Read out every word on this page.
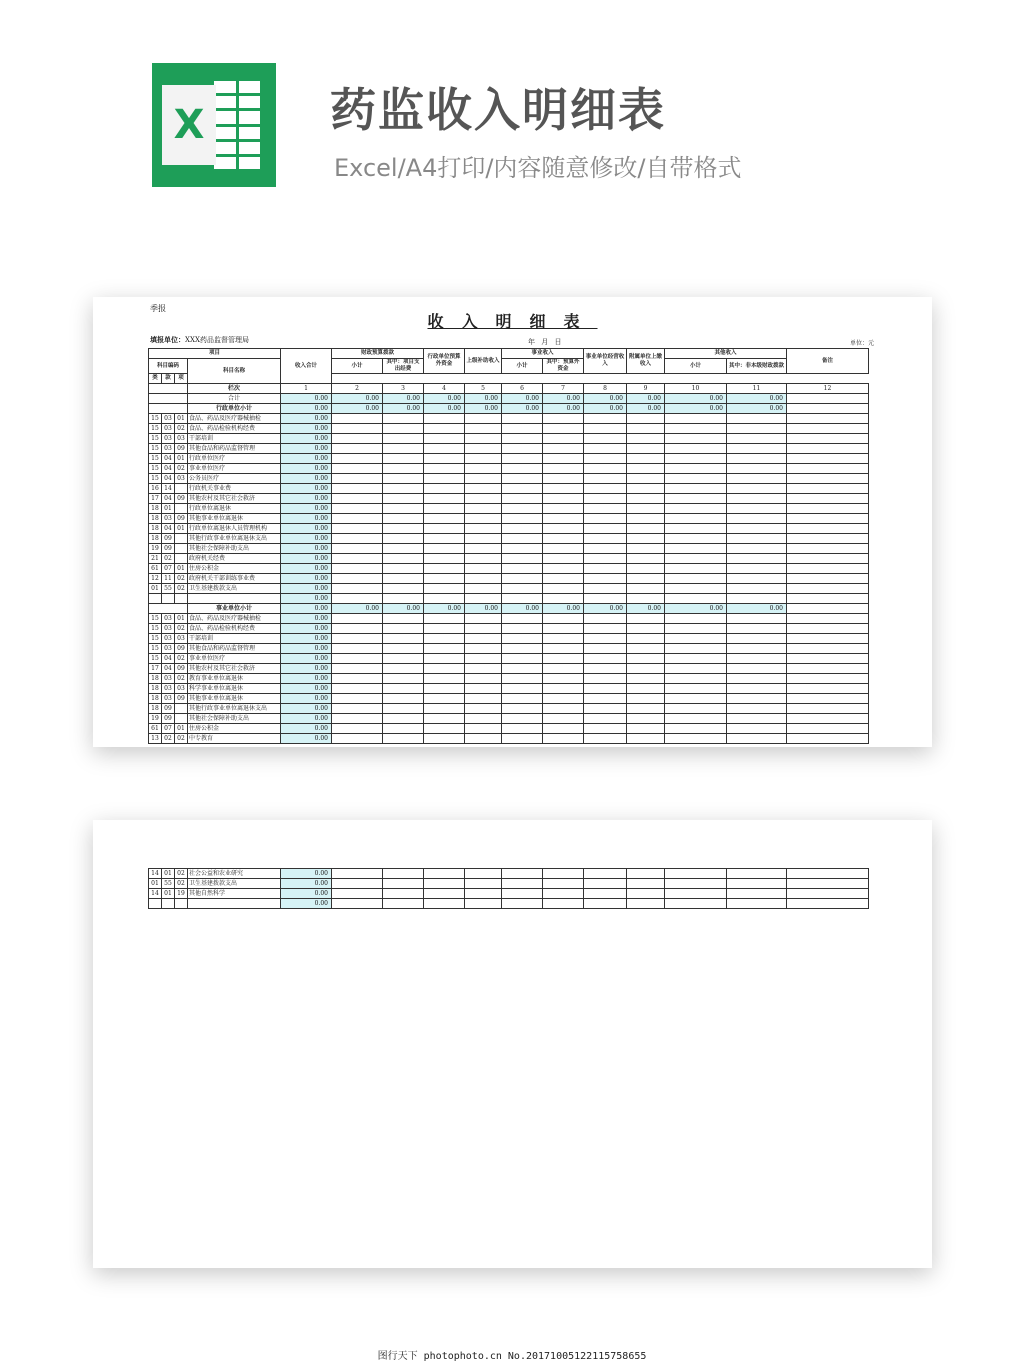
X	药监收入明细表
Excel/A4打印/内容随意修改/自带格式
季报
收入明细表
填报单位：XXX药品监督管理局	年 月 日	单位：元
项目				收入合计	财政预算拨款		行政单位预算外资金	上级补助收入	事业收入		事业单位经营收入	附属单位上缴收入	其他收入		备注
科目编码			科目名称		小计	其中：项目支出经费			小计	其中：预算外资金			小计	其中：非本级财政拨款	
类	款	项													
			栏次	1	2	3	4	5	6	7	8	9	10	11	12
			合计	0.00	0.00	0.00	0.00	0.00	0.00	0.00	0.00	0.00	0.00	0.00	
			行政单位小计	0.00	0.00	0.00	0.00	0.00	0.00	0.00	0.00	0.00	0.00	0.00	
15	03	01	食品、药品及医疗器械抽检	0.00											
15	03	02	食品、药品检验机构经费	0.00											
15	03	03	干部培训	0.00											
15	03	09	其他食品和药品监督管理	0.00											
15	04	01	行政单位医疗	0.00											
15	04	02	事业单位医疗	0.00											
15	04	03	公务员医疗	0.00											
16	14		行政机关事业费	0.00											
17	04	09	其他农村及其它社会救济	0.00											
18	01		行政单位离退休	0.00											
18	03	09	其他事业单位离退休	0.00											
18	04	01	行政单位离退休人员管理机构	0.00											
18	09		其他行政事业单位离退休支出	0.00											
19	09		其他社会保障补助支出	0.00											
21	02		政府机关经费	0.00											
61	07	01	住房公积金	0.00											
12	11	02	政府机关干部训练事业费	0.00											
01	55	02	卫生基建拨款支出	0.00											
				0.00											
			事业单位小计	0.00	0.00	0.00	0.00	0.00	0.00	0.00	0.00	0.00	0.00	0.00	
15	03	01	食品、药品及医疗器械抽检	0.00											
15	03	02	食品、药品检验机构经费	0.00											
15	03	03	干部培训	0.00											
15	03	09	其他食品和药品监督管理	0.00											
15	04	02	事业单位医疗	0.00											
17	04	09	其他农村及其它社会救济	0.00											
18	03	02	教育事业单位离退休	0.00											
18	03	03	科学事业单位离退休	0.00											
18	03	09	其他事业单位离退休	0.00											
18	09		其他行政事业单位离退休支出	0.00											
19	09		其他社会保障补助支出	0.00											
61	07	01	住房公积金	0.00											
13	02	02	中专教育	0.00											
14	01	02	社会公益和农业研究	0.00											
01	55	02	卫生基建拨款支出	0.00											
14	01	19	其他自然科学	0.00											
				0.00											
图行天下 photophoto.cn No.20171005122115758655
